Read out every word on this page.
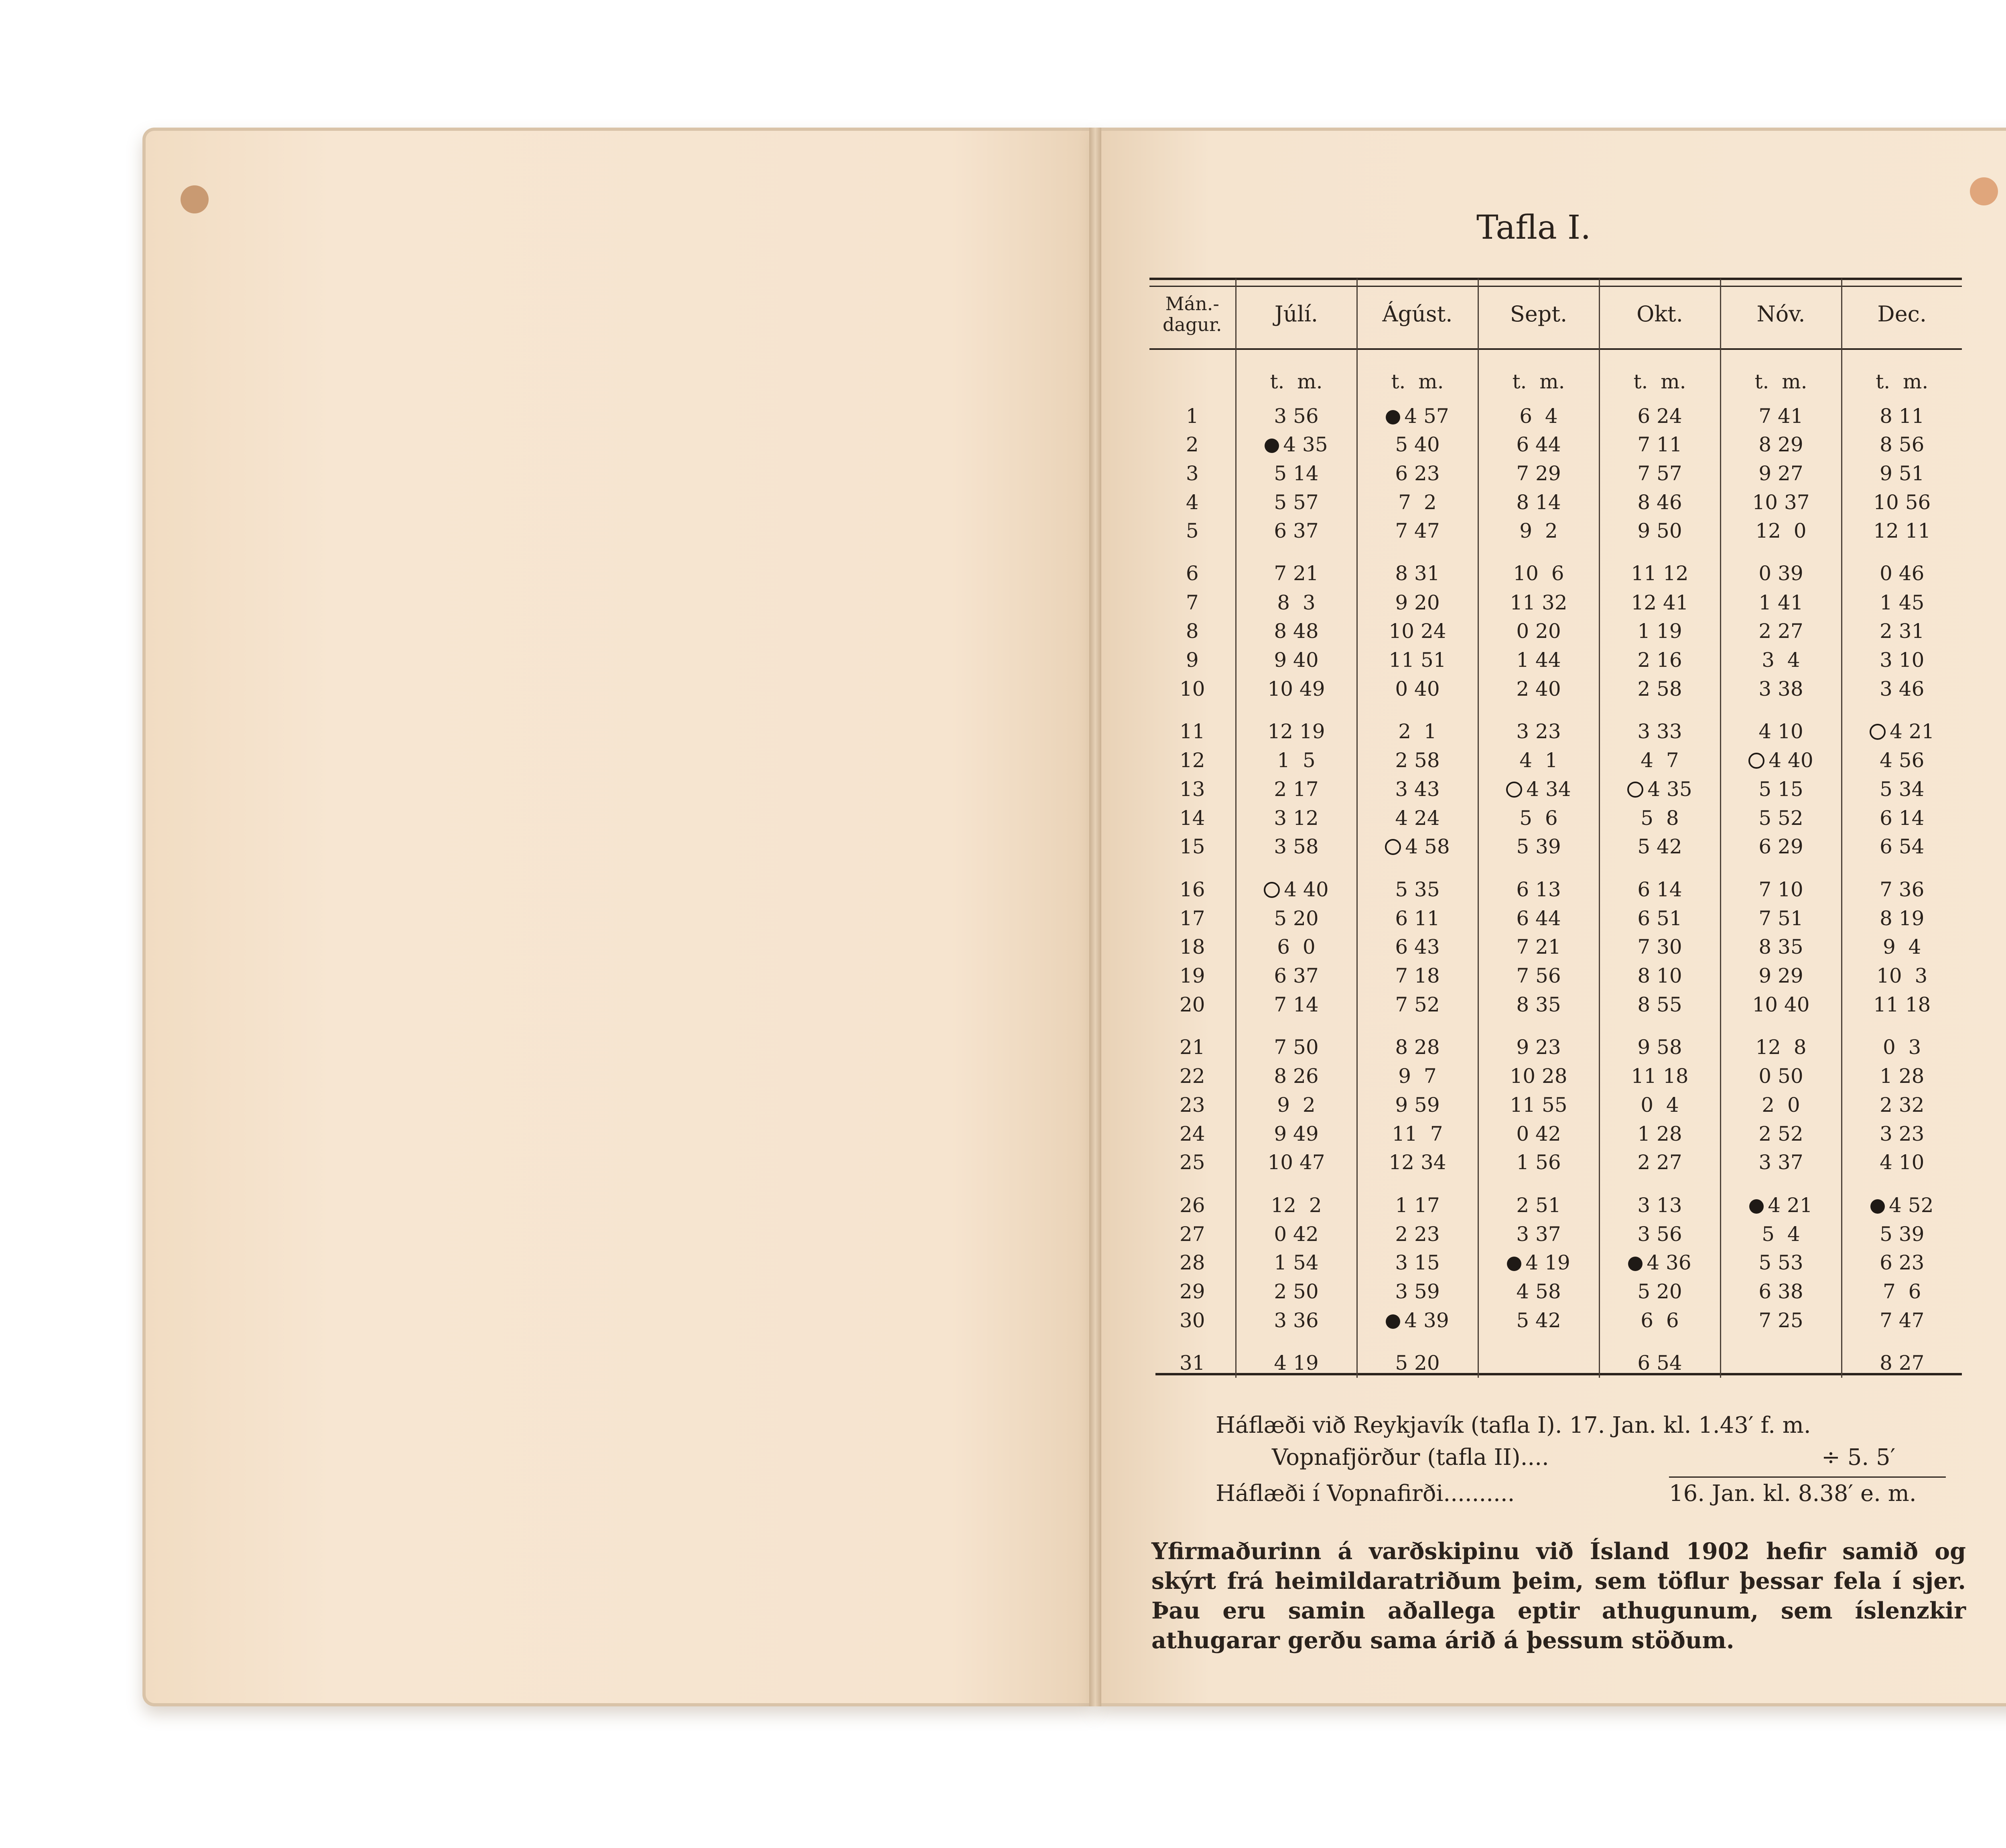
Tafla I.
Mán.-dagur.	Júlí.	Ágúst.	Sept.	Okt.	Nóv.	Dec.
	t.  m.	t.  m.	t.  m.	t.  m.	t.  m.	t.  m.
1	3 56	4 57	6  4	6 24	7 41	8 11
2	4 35	5 40	6 44	7 11	8 29	8 56
3	5 14	6 23	7 29	7 57	9 27	9 51
4	5 57	7  2	8 14	8 46	10 37	10 56
5	6 37	7 47	9  2	9 50	12  0	12 11
6	7 21	8 31	10  6	11 12	0 39	0 46
7	8  3	9 20	11 32	12 41	1 41	1 45
8	8 48	10 24	0 20	1 19	2 27	2 31
9	9 40	11 51	1 44	2 16	3  4	3 10
10	10 49	0 40	2 40	2 58	3 38	3 46
11	12 19	2  1	3 23	3 33	4 10	4 21
12	1  5	2 58	4  1	4  7	4 40	4 56
13	2 17	3 43	4 34	4 35	5 15	5 34
14	3 12	4 24	5  6	5  8	5 52	6 14
15	3 58	4 58	5 39	5 42	6 29	6 54
16	4 40	5 35	6 13	6 14	7 10	7 36
17	5 20	6 11	6 44	6 51	7 51	8 19
18	6  0	6 43	7 21	7 30	8 35	9  4
19	6 37	7 18	7 56	8 10	9 29	10  3
20	7 14	7 52	8 35	8 55	10 40	11 18
21	7 50	8 28	9 23	9 58	12  8	0  3
22	8 26	9  7	10 28	11 18	0 50	1 28
23	9  2	9 59	11 55	0  4	2  0	2 32
24	9 49	11  7	0 42	1 28	2 52	3 23
25	10 47	12 34	1 56	2 27	3 37	4 10
26	12  2	1 17	2 51	3 13	4 21	4 52
27	0 42	2 23	3 37	3 56	5  4	5 39
28	1 54	3 15	4 19	4 36	5 53	6 23
29	2 50	3 59	4 58	5 20	6 38	7  6
30	3 36	4 39	5 42	6  6	7 25	7 47
31	4 19	5 20		6 54		8 27
Háflæði við Reykjavík (tafla I). 17. Jan. kl. 1.43′ f. m.
Vopnafjörður (tafla II)....	÷ 5. 5′
Háflæði í Vopnafirði..........	16. Jan. kl. 8.38′ e. m.
Yfirmaðurinn á varðskipinu við Ísland 1902 hefir samið og skýrt frá heimildaratriðum þeim, sem töflur þessar fela í sjer. Þau eru samin aðallega eptir athugunum, sem íslenzkir athugarar gerðu sama árið á þessum stöðum.
